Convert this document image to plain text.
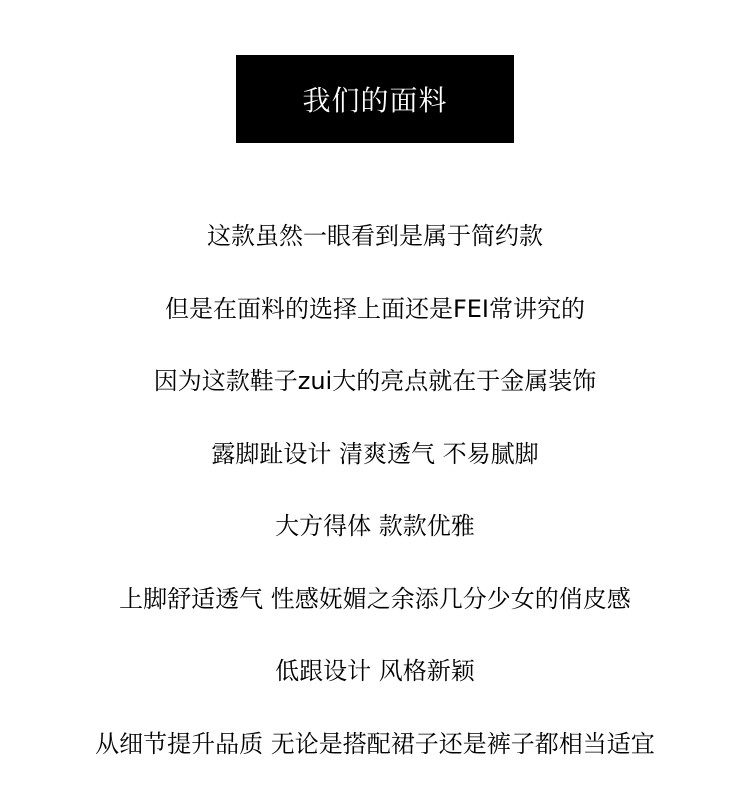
我们的面料
这款虽然一眼看到是属于简约款
但是在面料的选择上面还是FEI常讲究的
因为这款鞋子zui大的亮点就在于金属装饰
露脚趾设计 清爽透气 不易腻脚
大方得体 款款优雅
上脚舒适透气 性感妩媚之余添几分少女的俏皮感
低跟设计 风格新颖
从细节提升品质 无论是搭配裙子还是裤子都相当适宜
